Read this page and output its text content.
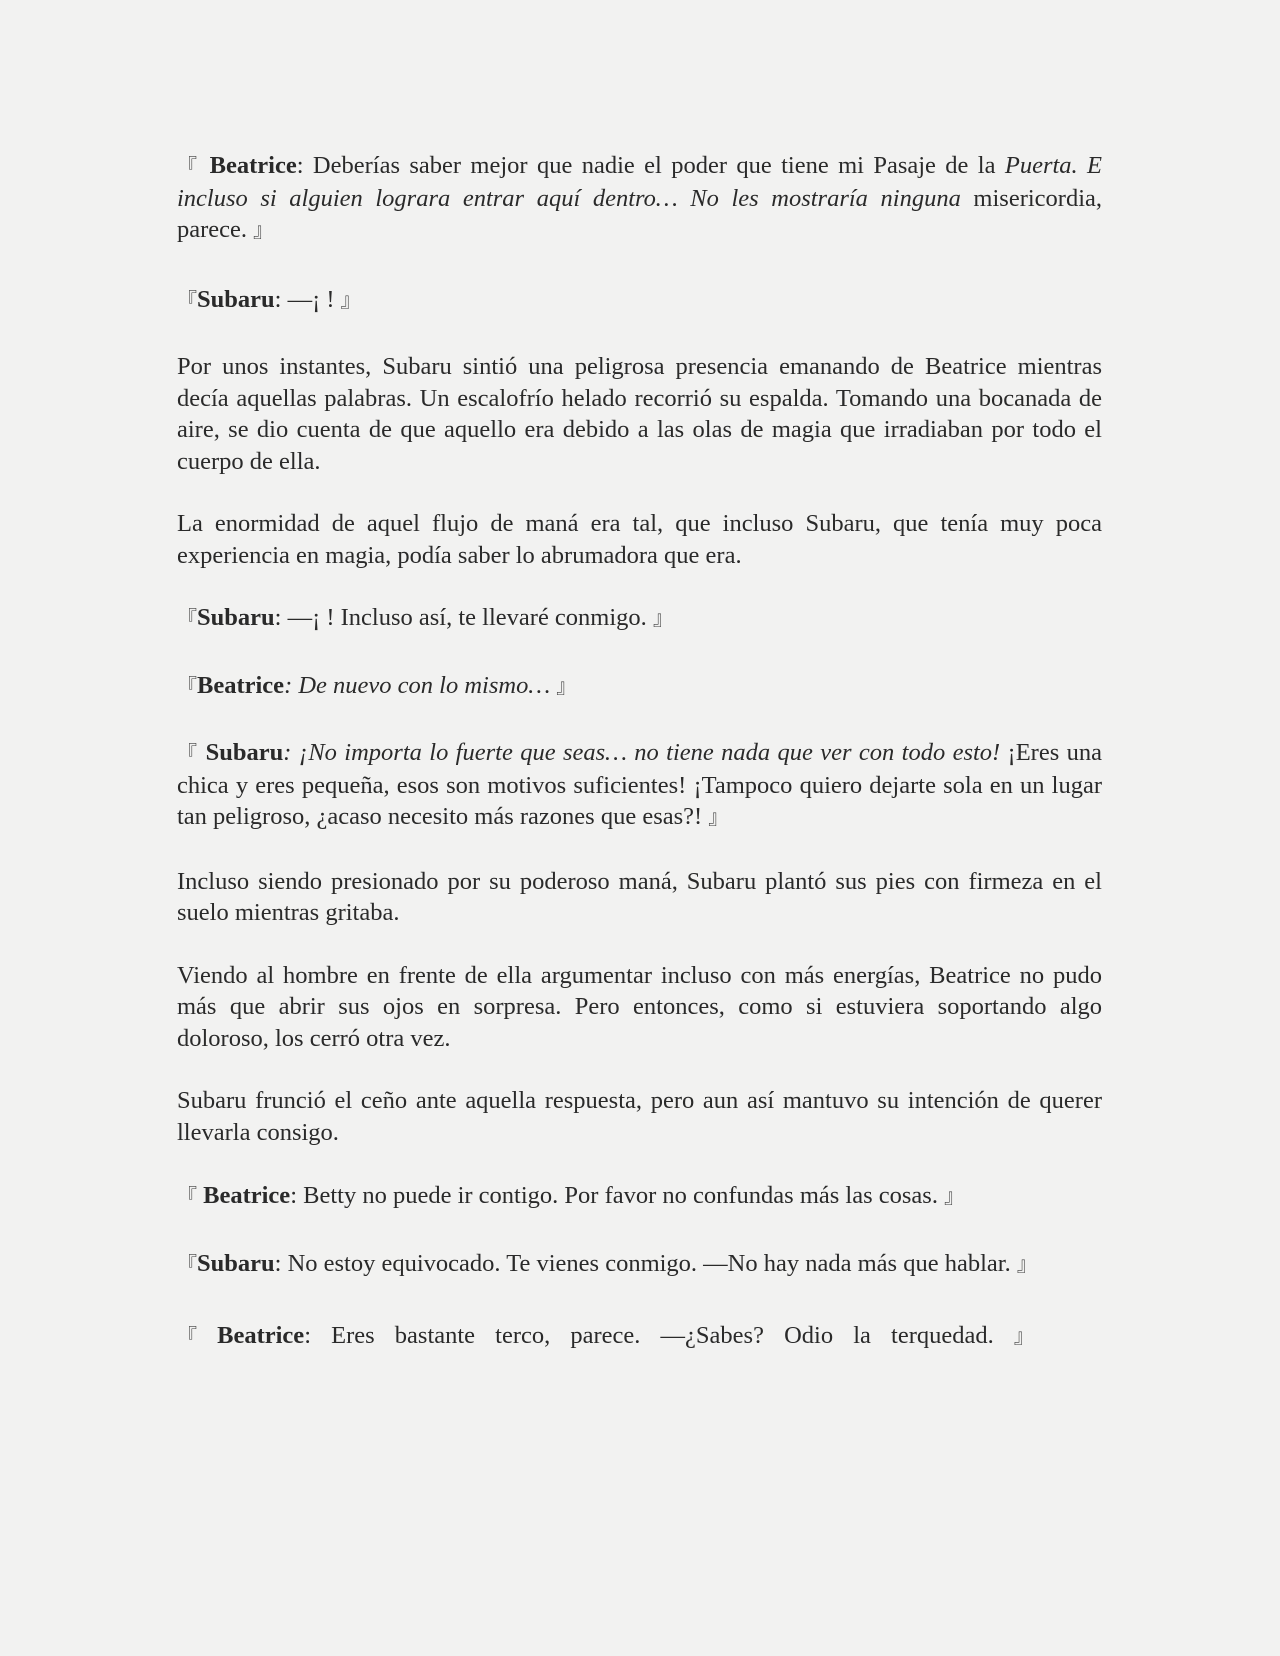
『 Beatrice: Deberías saber mejor que nadie el poder que tiene mi Pasaje de la Puerta. E incluso si alguien lograra entrar aquí dentro… No les mostraría ninguna misericordia, parece. 』

『Subaru: —¡ ! 』

Por unos instantes, Subaru sintió una peligrosa presencia emanando de Beatrice mientras decía aquellas palabras. Un escalofrío helado recorrió su espalda. Tomando una bocanada de aire, se dio cuenta de que aquello era debido a las olas de magia que irradiaban por todo el cuerpo de ella.

La enormidad de aquel flujo de maná era tal, que incluso Subaru, que tenía muy poca experiencia en magia, podía saber lo abrumadora que era.

『Subaru: —¡ ! Incluso así, te llevaré conmigo. 』

『Beatrice: De nuevo con lo mismo… 』

『 Subaru: ¡No importa lo fuerte que seas… no tiene nada que ver con todo esto! ¡Eres una chica y eres pequeña, esos son motivos suficientes! ¡Tampoco quiero dejarte sola en un lugar tan peligroso, ¿acaso necesito más razones que esas?! 』

Incluso siendo presionado por su poderoso maná, Subaru plantó sus pies con firmeza en el suelo mientras gritaba.

Viendo al hombre en frente de ella argumentar incluso con más energías, Beatrice no pudo más que abrir sus ojos en sorpresa. Pero entonces, como si estuviera soportando algo doloroso, los cerró otra vez.

Subaru frunció el ceño ante aquella respuesta, pero aun así mantuvo su intención de querer llevarla consigo.

『 Beatrice: Betty no puede ir contigo. Por favor no confundas más las cosas. 』

『Subaru: No estoy equivocado. Te vienes conmigo. —No hay nada más que hablar. 』

『 Beatrice: Eres bastante terco, parece. —¿Sabes? Odio la terquedad. 』
